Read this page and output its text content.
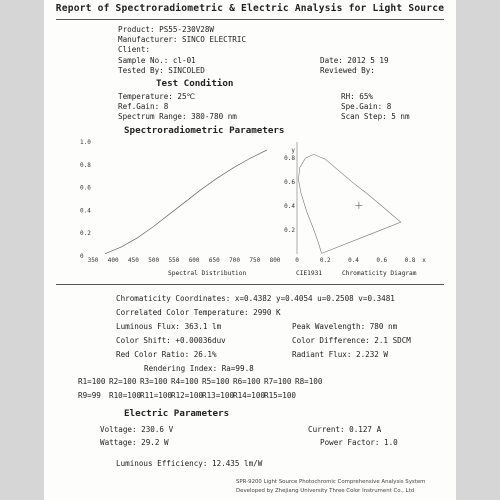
Report of Spectroradiometric & Electric Analysis for Light Source
Product: PS55-230V28W
Manufacturer: SINCO ELECTRIC
Client:
Sample No.: cl-01	Date: 2012 5 19
Tested By: SINCOLED	Reviewed By:
Test Condition
Temperature: 25℃	RH: 65%
Ref.Gain: 8	Spe.Gain: 8
Spectrum Range: 380-780 nm	Scan Step: 5 nm
Spectroradiometric Parameters
350 400 450 500 550 600 650 700 750 800
0
0.2
0.4
0.6
0.8
1.0
Spectral Distribution
0	0.2	0.4	0.6	0.8 x
0.2
0.4
0.6
0.8
y
CIE1931	Chromaticity Diagram
Chromaticity Coordinates: x=0.4382 y=0.4054 u=0.2508 v=0.3481
Correlated Color Temperature: 2990 K
Luminous Flux: 363.1 lm	Peak Wavelength: 780 nm
Color Shift: +0.00036duv	Color Difference: 2.1 SDCM
Red Color Ratio: 26.1%	Radiant Flux: 2.232 W
Rendering Index: Ra=99.8
Electric Parameters
Voltage: 230.6 V	Current: 0.127 A
Wattage: 29.2 W	Power Factor: 1.0
Luminous Efficiency: 12.435 lm/W
SPR-9200 Light Source Photochromic Comprehensive Analysis System
Developed by Zhejiang University Three Color Instrument Co., Ltd
R1=100 R2=100 R3=100 R4=100 R5=100 R6=100 R7=100 R8=100
R9=99 R10=100
R11=100
R12=100
R13=100
R14=100
R15=100
